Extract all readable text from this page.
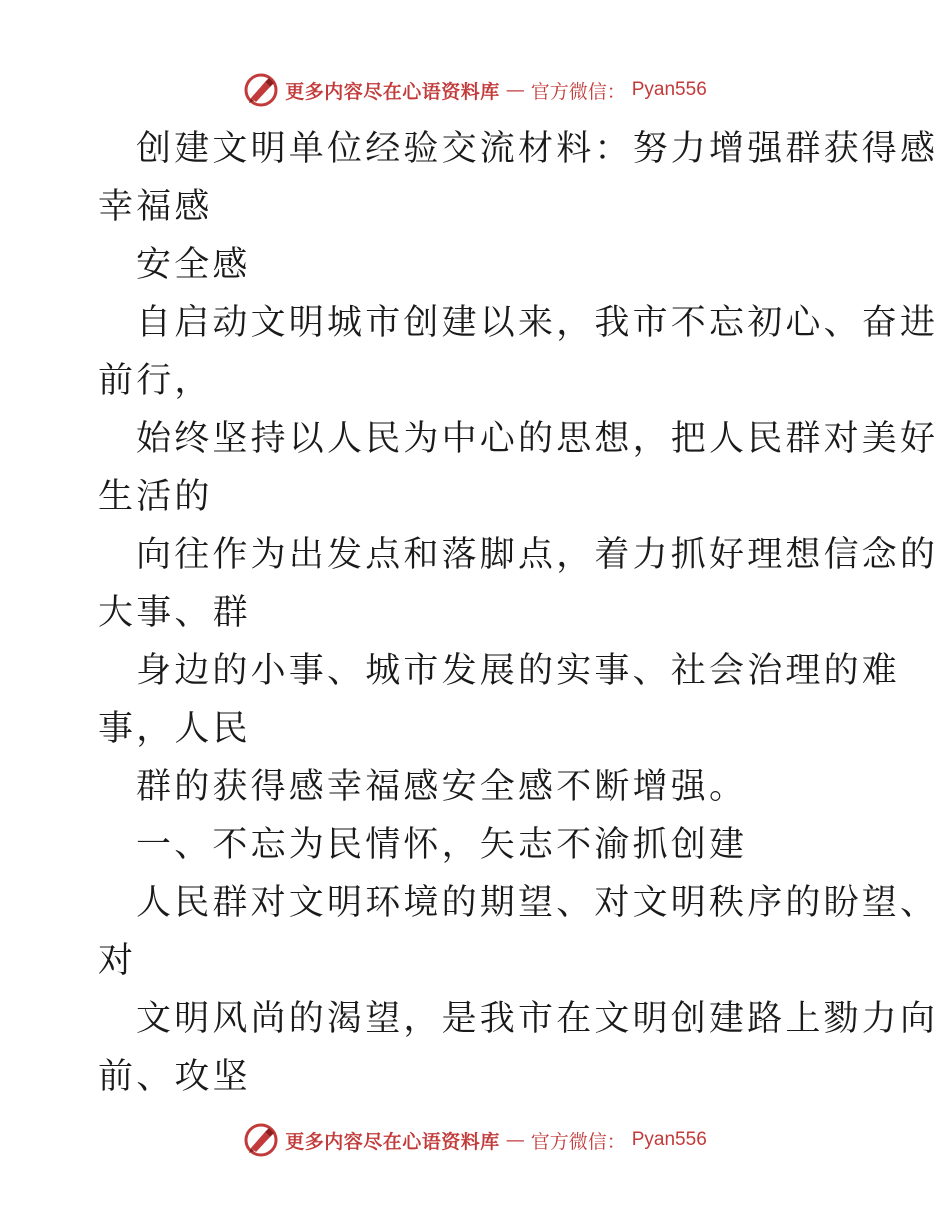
更多内容尽在心语资料库 — 官方微信： Pyan556
创建文明单位经验交流材料：努力增强群获得感
幸福感
安全感
自启动文明城市创建以来，我市不忘初心、奋进
前行，
始终坚持以人民为中心的思想，把人民群对美好
生活的
向往作为出发点和落脚点，着力抓好理想信念的
大事、群
身边的小事、城市发展的实事、社会治理的难
事，人民
群的获得感幸福感安全感不断增强。
一、不忘为民情怀，矢志不渝抓创建
人民群对文明环境的期望、对文明秩序的盼望、
对
文明风尚的渴望，是我市在文明创建路上勠力向
前、攻坚
更多内容尽在心语资料库 — 官方微信： Pyan556
